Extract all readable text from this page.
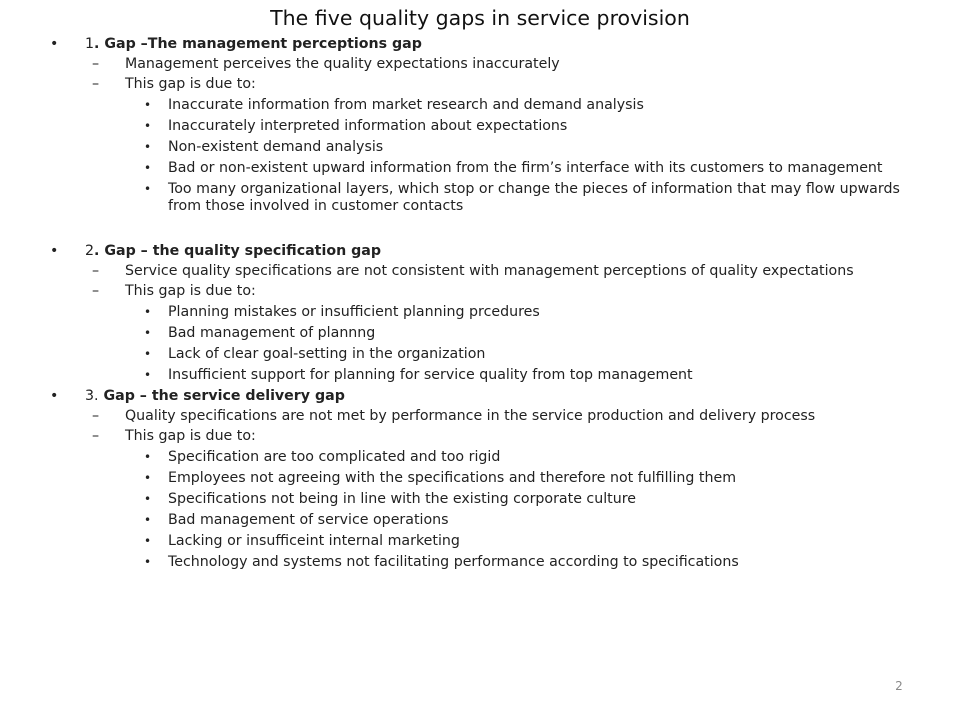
The five quality gaps in service provision
• 1. Gap –The management perceptions gap
– Management perceives the quality expectations inaccurately
– This gap is due to:
• Inaccurate information from market research and demand analysis
• Inaccurately interpreted information about expectations
• Non-existent demand analysis
• Bad or non-existent upward information from the firm’s interface with its customers to management
• Too many organizational layers, which stop or change the pieces of information that may flow upwards from those involved in customer contacts
• 2. Gap – the quality specification gap
– Service quality specifications are not consistent with management perceptions of quality expectations
– This gap is due to:
• Planning mistakes or insufficient planning prcedures
• Bad management of plannng
• Lack of clear goal-setting in the organization
• Insufficient support for planning for service quality from top management
• 3. Gap – the service delivery gap
– Quality specifications are not met by performance in the service production and delivery process
– This gap is due to:
• Specification are too complicated and too rigid
• Employees not agreeing with the specifications and therefore not fulfilling them
• Specifications not being in line with the existing corporate culture
• Bad management of service operations
• Lacking or insufficeint internal marketing
• Technology and systems not facilitating performance according to specifications
2
